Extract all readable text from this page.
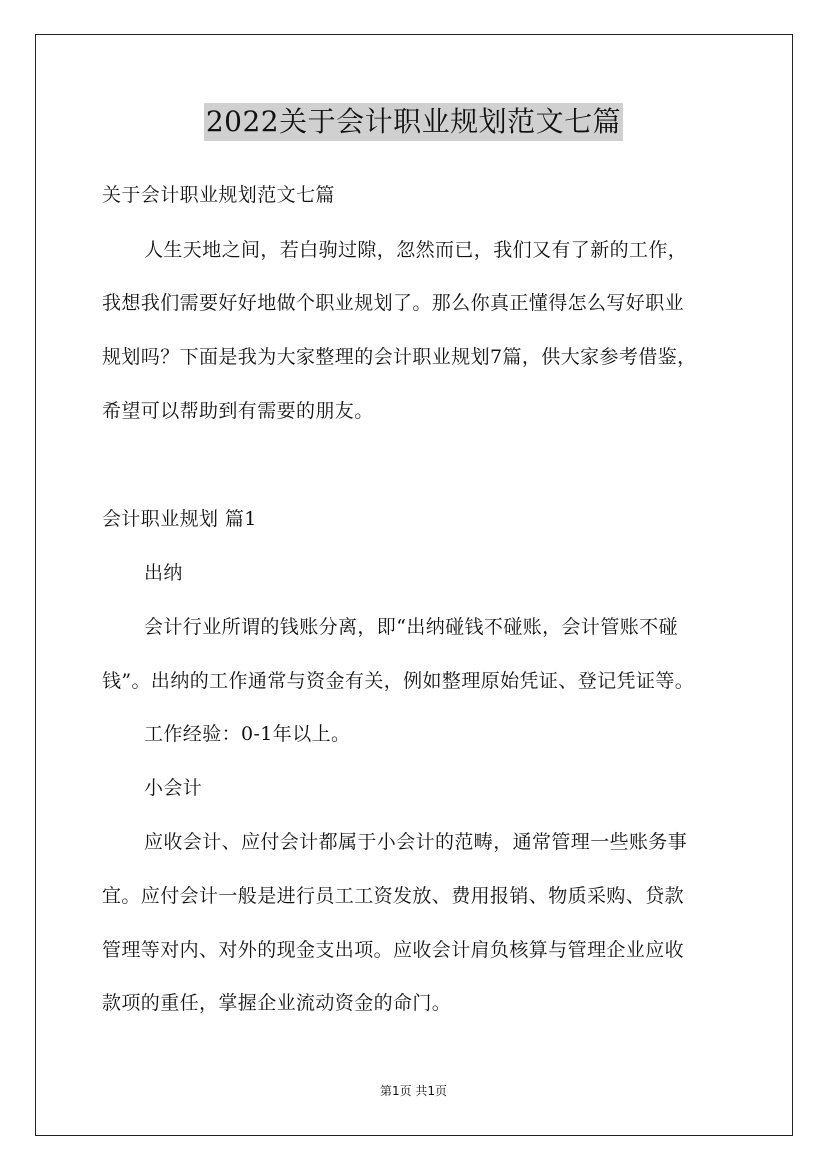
2022关于会计职业规划范文七篇
关于会计职业规划范文七篇
人生天地之间，若白驹过隙，忽然而已，我们又有了新的工作，
我想我们需要好好地做个职业规划了。那么你真正懂得怎么写好职业
规划吗？下面是我为大家整理的会计职业规划7篇，供大家参考借鉴，
希望可以帮助到有需要的朋友。
会计职业规划 篇1
出纳
会计行业所谓的钱账分离，即“出纳碰钱不碰账，会计管账不碰
钱”。出纳的工作通常与资金有关，例如整理原始凭证、登记凭证等。
工作经验：0-1年以上。
小会计
应收会计、应付会计都属于小会计的范畴，通常管理一些账务事
宜。应付会计一般是进行员工工资发放、费用报销、物质采购、贷款
管理等对内、对外的现金支出项。应收会计肩负核算与管理企业应收
款项的重任，掌握企业流动资金的命门。
第1页 共1页
